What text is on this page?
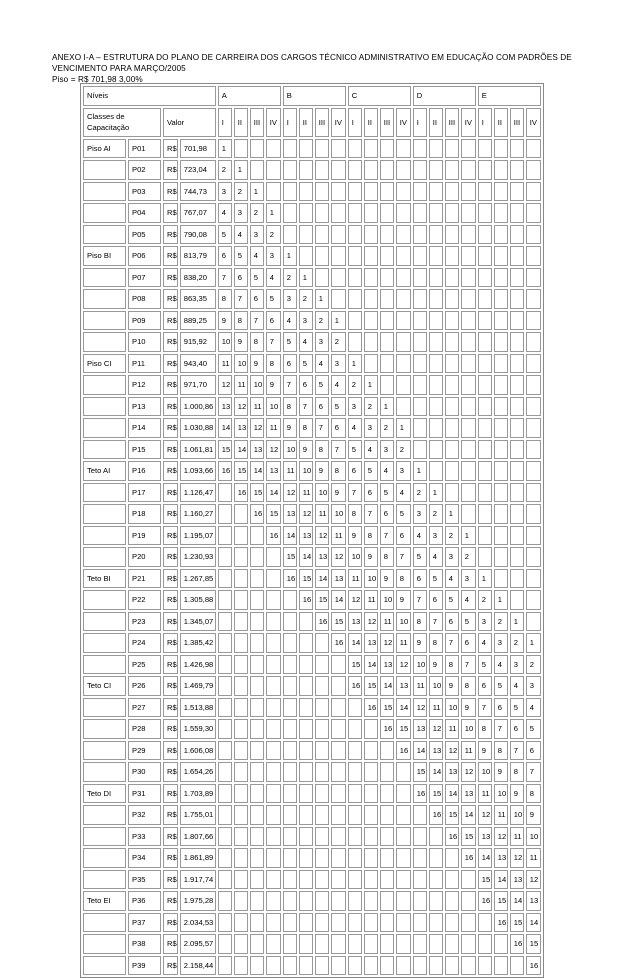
ANEXO I-A – ESTRUTURA DO PLANO DE CARREIRA DOS CARGOS TÉCNICO ADMINISTRATIVO EM EDUCAÇÃO COM PADRÕES DE
VENCIMENTO PARA MARÇO/2005
Piso = R$ 701,98 3,00%
Níveis				A				B				C				D				E			
Classes de Capacitação		Valor		I	II	III	IV	I	II	III	IV	I	II	III	IV	I	II	III	IV	I	II	III	IV
Piso AI	P01	R$	701,98	1																			
	P02	R$	723,04	2	1																		
	P03	R$	744,73	3	2	1																	
	P04	R$	767,07	4	3	2	1																
	P05	R$	790,08	5	4	3	2																
Piso BI	P06	R$	813,79	6	5	4	3	1															
	P07	R$	838,20	7	6	5	4	2	1														
	P08	R$	863,35	8	7	6	5	3	2	1													
	P09	R$	889,25	9	8	7	6	4	3	2	1												
	P10	R$	915,92	10	9	8	7	5	4	3	2												
Piso CI	P11	R$	943,40	11	10	9	8	6	5	4	3	1											
	P12	R$	971,70	12	11	10	9	7	6	5	4	2	1										
	P13	R$	1.000,86	13	12	11	10	8	7	6	5	3	2	1									
	P14	R$	1.030,88	14	13	12	11	9	8	7	6	4	3	2	1								
	P15	R$	1.061,81	15	14	13	12	10	9	8	7	5	4	3	2								
Teto AI	P16	R$	1.093,66	16	15	14	13	11	10	9	8	6	5	4	3	1							
	P17	R$	1.126,47		16	15	14	12	11	10	9	7	6	5	4	2	1						
	P18	R$	1.160,27			16	15	13	12	11	10	8	7	6	5	3	2	1					
	P19	R$	1.195,07				16	14	13	12	11	9	8	7	6	4	3	2	1				
	P20	R$	1.230,93					15	14	13	12	10	9	8	7	5	4	3	2				
Teto BI	P21	R$	1.267,85					16	15	14	13	11	10	9	8	6	5	4	3	1			
	P22	R$	1.305,88						16	15	14	12	11	10	9	7	6	5	4	2	1		
	P23	R$	1.345,07							16	15	13	12	11	10	8	7	6	5	3	2	1	
	P24	R$	1.385,42								16	14	13	12	11	9	8	7	6	4	3	2	1
	P25	R$	1.426,98									15	14	13	12	10	9	8	7	5	4	3	2
Teto CI	P26	R$	1.469,79									16	15	14	13	11	10	9	8	6	5	4	3
	P27	R$	1.513,88										16	15	14	12	11	10	9	7	6	5	4
	P28	R$	1.559,30											16	15	13	12	11	10	8	7	6	5
	P29	R$	1.606,08												16	14	13	12	11	9	8	7	6
	P30	R$	1.654,26													15	14	13	12	10	9	8	7
Teto DI	P31	R$	1.703,89													16	15	14	13	11	10	9	8
	P32	R$	1.755,01														16	15	14	12	11	10	9
	P33	R$	1.807,66															16	15	13	12	11	10
	P34	R$	1.861,89																16	14	13	12	11
	P35	R$	1.917,74																	15	14	13	12
Teto EI	P36	R$	1.975,28																	16	15	14	13
	P37	R$	2.034,53																		16	15	14
	P38	R$	2.095,57																			16	15
	P39	R$	2.158,44																				16
